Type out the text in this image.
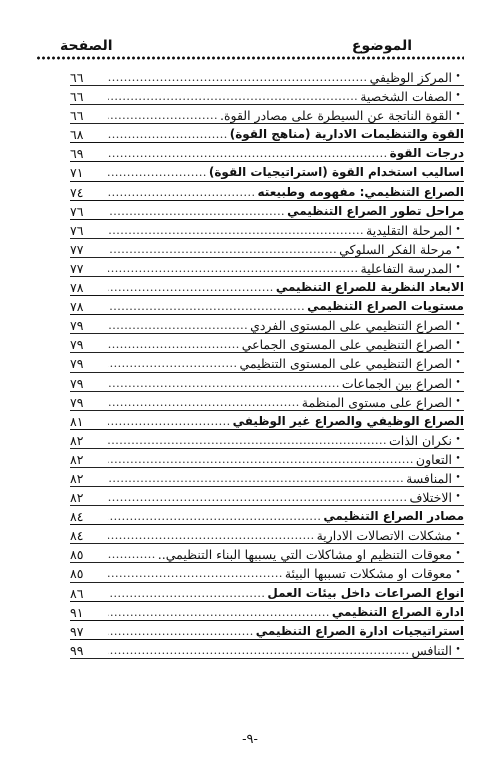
الموضوع
الصفحة
•
المركز الوظيفي
.....
٦٦
•
الصفات الشخصية
.....
٦٦
•
القوة الناتجة عن السيطرة على مصادر القوة.
.....
٦٦
القوة والتنظيمات الادارية (مناهج القوة)
.....
٦٨
درجات القوة
.....
٦٩
اساليب استخدام القوة (استراتيجيات القوة)
.....
٧١
الصراع التنظيمي: مفهومه وطبيعته
.....
٧٤
مراحل تطور الصراع التنظيمي
.....
٧٦
•
المرحلة التقليدية
.....
٧٦
•
مرحلة الفكر السلوكي
.....
٧٧
•
المدرسة التفاعلية
.....
٧٧
الابعاد النظرية للصراع التنظيمي
.....
٧٨
مستويات الصراع التنظيمي
.....
٧٨
•
الصراع التنظيمي على المستوى الفردي
.....
٧٩
•
الصراع التنظيمي على المستوى الجماعي
.....
٧٩
•
الصراع التنظيمي على المستوى التنظيمي
.....
٧٩
•
الصراع بين الجماعات
.....
٧٩
•
الصراع على مستوى المنظمة
.....
٧٩
الصراع الوظيفي والصراع غير الوظيفي
.....
٨١
•
نكران الذات
.....
٨٢
•
التعاون
.....
٨٢
•
المنافسة
.....
٨٢
•
الاختلاف
.....
٨٢
مصادر الصراع التنظيمي
.....
٨٤
•
مشكلات الاتصالات الادارية
.....
٨٤
•
معوقات التنظيم او مشاكلات التي يسببها البناء التنظيمي..
.....
٨٥
•
معوقات او مشكلات تسببها البيئة
.....
٨٥
انواع الصراعات داخل بيئات العمل
.....
٨٦
ادارة الصراع التنظيمي
.....
٩١
استراتيجيات ادارة الصراع التنظيمي
.....
٩٧
•
التنافس
.....
٩٩
-٩-
